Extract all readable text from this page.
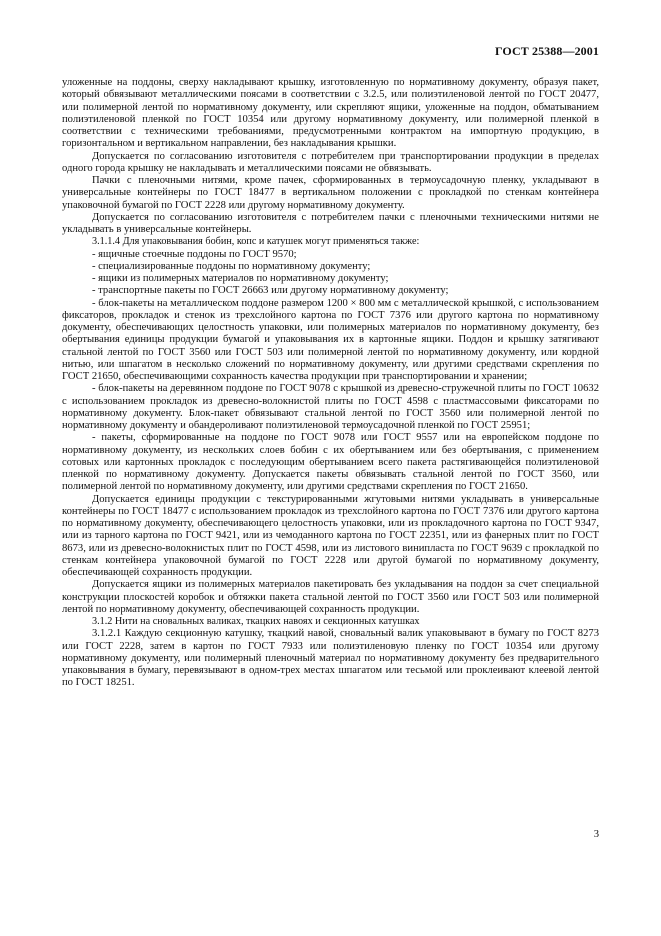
ГОСТ 25388—2001

уложенные на поддоны, сверху накладывают крышку, изготовленную по нормативному документу, образуя пакет, который обвязывают металлическими поясами в соответствии с 3.2.5, или полиэтиленовой лентой по ГОСТ 20477, или полимерной лентой по нормативному документу, или скрепляют ящики, уложенные на поддон, обматыванием полиэтиленовой пленкой по ГОСТ 10354 или другому нормативному документу, или полимерной пленкой в соответствии с техническими требованиями, предусмотренными контрактом на импортную продукцию, в горизонтальном и вертикальном направлении, без накладывания крышки.

Допускается по согласованию изготовителя с потребителем при транспортировании продукции в пределах одного города крышку не накладывать и металлическими поясами не обвязывать.

Пачки с пленочными нитями, кроме пачек, сформированных в термоусадочную пленку, укладывают в универсальные контейнеры по ГОСТ 18477 в вертикальном положении с прокладкой по стенкам контейнера упаковочной бумагой по ГОСТ 2228 или другому нормативному документу.

Допускается по согласованию изготовителя с потребителем пачки с пленочными техническими нитями не укладывать в универсальные контейнеры.

3.1.1.4 Для упаковывания бобин, копс и катушек могут применяться также:

- ящичные стоечные поддоны по ГОСТ 9570;

- специализированные поддоны по нормативному документу;

- ящики из полимерных материалов по нормативному документу;

- транспортные пакеты по ГОСТ 26663 или другому нормативному документу;

- блок-пакеты на металлическом поддоне размером 1200 × 800 мм с металлической крышкой, с использованием фиксаторов, прокладок и стенок из трехслойного картона по ГОСТ 7376 или другого картона по нормативному документу, обеспечивающих целостность упаковки, или полимерных материалов по нормативному документу, без обертывания единицы продукции бумагой и упаковывания их в картонные ящики. Поддон и крышку затягивают стальной лентой по ГОСТ 3560 или ГОСТ 503 или полимерной лентой по нормативному документу, или кордной нитью, или шпагатом в несколько сложений по нормативному документу, или другими средствами скрепления по ГОСТ 21650, обеспечивающими сохранность качества продукции при транспортировании и хранении;

- блок-пакеты на деревянном поддоне по ГОСТ 9078 с крышкой из древесно-стружечной плиты по ГОСТ 10632 с использованием прокладок из древесно-волокнистой плиты по ГОСТ 4598 с пластмассовыми фиксаторами по нормативному документу. Блок-пакет обвязывают стальной лентой по ГОСТ 3560 или полимерной лентой по нормативному документу и обандероливают полиэтиленовой термоусадочной пленкой по ГОСТ 25951;

- пакеты, сформированные на поддоне по ГОСТ 9078 или ГОСТ 9557 или на европейском поддоне по нормативному документу, из нескольких слоев бобин с их обертыванием или без обертывания, с применением сотовых или картонных прокладок с последующим обертыванием всего пакета растягивающейся полиэтиленовой пленкой по нормативному документу. Допускается пакеты обвязывать стальной лентой по ГОСТ 3560, или полимерной лентой по нормативному документу, или другими средствами скрепления по ГОСТ 21650.

Допускается единицы продукции с текстурированными жгутовыми нитями укладывать в универсальные контейнеры по ГОСТ 18477 с использованием прокладок из трехслойного картона по ГОСТ 7376 или другого картона по нормативному документу, обеспечивающего целостность упаковки, или из прокладочного картона по ГОСТ 9347, или из тарного картона по ГОСТ 9421, или из чемоданного картона по ГОСТ 22351, или из фанерных плит по ГОСТ 8673, или из древесно-волокнистых плит по ГОСТ 4598, или из листового винипласта по ГОСТ 9639 с прокладкой по стенкам контейнера упаковочной бумагой по ГОСТ 2228 или другой бумагой по нормативному документу, обеспечивающей сохранность продукции.

Допускается ящики из полимерных материалов пакетировать без укладывания на поддон за счет специальной конструкции плоскостей коробок и обтяжки пакета стальной лентой по ГОСТ 3560 или ГОСТ 503 или полимерной лентой по нормативному документу, обеспечивающей сохранность продукции.

3.1.2 Нити на сновальных валиках, ткацких навоях и секционных катушках

3.1.2.1 Каждую секционную катушку, ткацкий навой, сновальный валик упаковывают в бумагу по ГОСТ 8273 или ГОСТ 2228, затем в картон по ГОСТ 7933 или полиэтиленовую пленку по ГОСТ 10354 или другому нормативному документу, или полимерный пленочный материал по нормативному документу без предварительного упаковывания в бумагу, перевязывают в одном-трех местах шпагатом или тесьмой или проклеивают клеевой лентой по ГОСТ 18251.

3
